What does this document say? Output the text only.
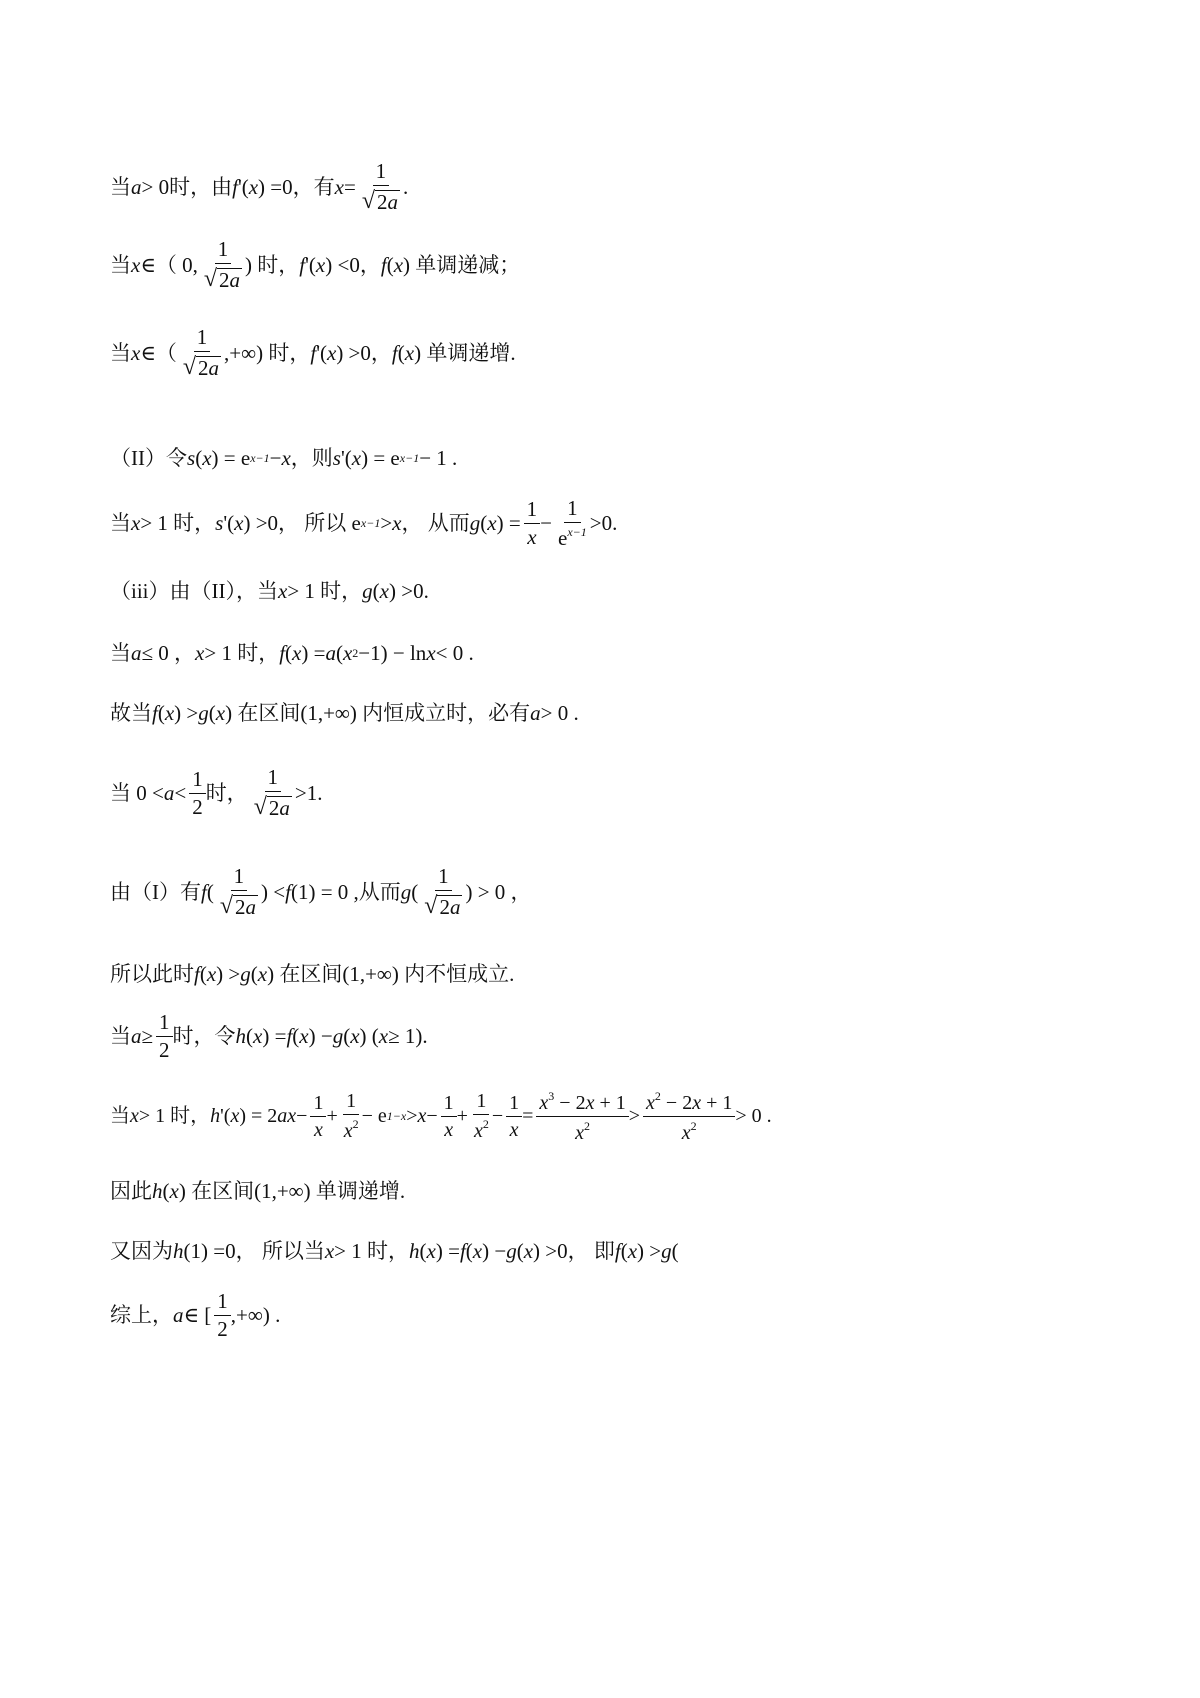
当 a > 0时，由 f '( x ) =0，有 $x = \frac{1}{√ 2a}$ .
当 x ∈（ 0, $\frac{1}{√ 2a}$ ) 时， f '( x ) <0， f ( x ) 单调递减；
当 x ∈（ $\frac{1}{√ 2a}$ ,+∞) 时， f '( x ) >0， f ( x ) 单调递增.
（II）令 s ( x ) = e x−1 − x ，则 s '( x ) = e x−1 − 1 .
当 x > 1 时， s '( x ) >0， 所以 e x−1 > x ， 从而 g ( x ) = $\frac{1}{x} - \frac{1}{e^{x-1}} >0$.
（iii）由（II），当 x > 1 时， g ( x ) >0.
当 a ≤ 0 ， x > 1 时， f ( x ) = a ( x 2 −1) − ln x < 0 .
故当 f ( x ) > g ( x ) 在区间(1,+∞) 内恒成立时，必有 a > 0 .
当 $0 < a < \frac{1}{2}$ 时， $\frac{1}{√ 2a} >1$.
由（I）有 f ( $\frac{1}{√ 2a}$ ) < f (1) = 0 ,从而 g ( $\frac{1}{√ 2a}$ ) > 0 ，
所以此时 f ( x ) > g ( x ) 在区间(1,+∞) 内不恒成立.
当 $a \ge \frac{1}{2}$ 时，令 h ( x ) = f ( x ) − g ( x ) ( x ≥ 1).
当 x > 1 时， h '( x ) = 2 ax − $\frac{1}{x} + \frac{1}{x^2} - e$ $1-x > x - \frac{1}{x} + \frac{1}{x^2} - \frac{1}{x} = \frac{x^3 - 2x + 1}{x^2} > \frac{x^2 - 2x + 1}{x^2} > 0$ .
因此 h ( x ) 在区间(1,+∞) 单调递增.
又因为 h (1) =0， 所以当 x > 1 时， h ( x ) = f ( x ) − g ( x ) >0， 即 f ( x ) > g (
综上， a ∈ [ $\frac{1}{2}$ ,+∞) .
